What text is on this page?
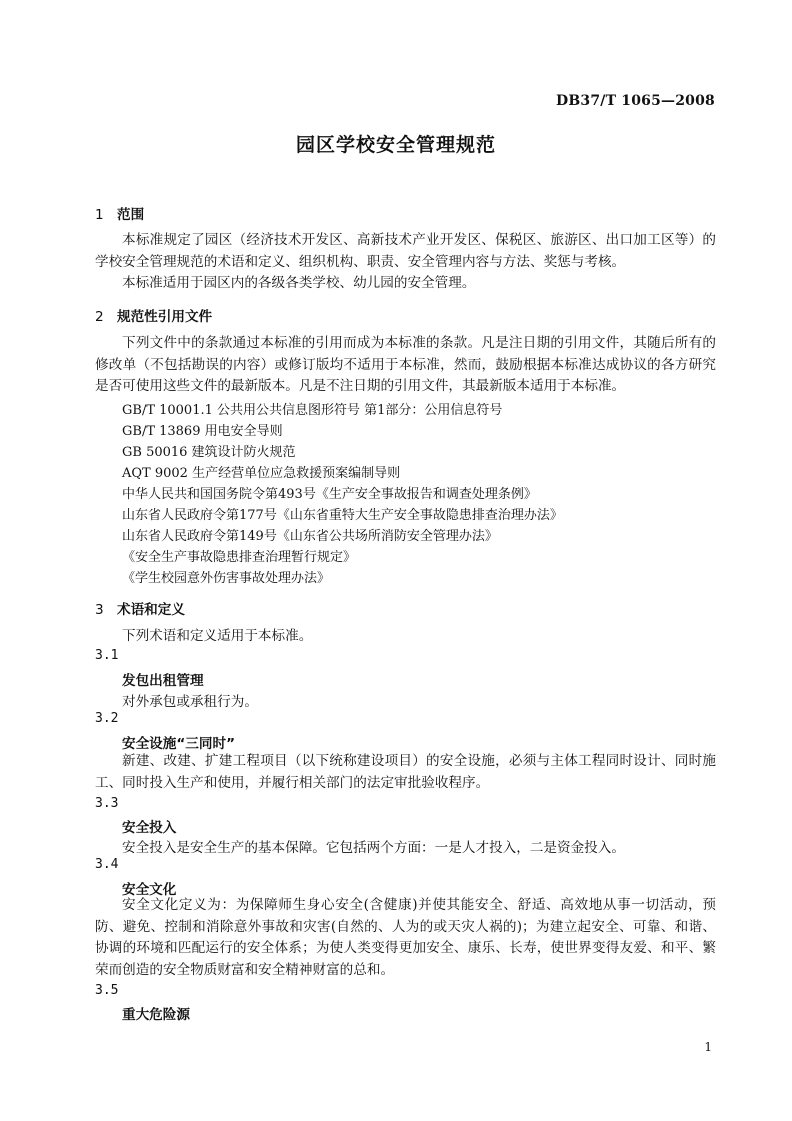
DB37/T 1065—2008
园区学校安全管理规范
1 范围
本标准规定了园区（经济技术开发区、高新技术产业开发区、保税区、旅游区、出口加工区等）的学校安全管理规范的术语和定义、组织机构、职责、安全管理内容与方法、奖惩与考核。
本标准适用于园区内的各级各类学校、幼儿园的安全管理。
2 规范性引用文件
下列文件中的条款通过本标准的引用而成为本标准的条款。凡是注日期的引用文件，其随后所有的修改单（不包括勘误的内容）或修订版均不适用于本标准，然而，鼓励根据本标准达成协议的各方研究是否可使用这些文件的最新版本。凡是不注日期的引用文件，其最新版本适用于本标准。
GB/T 10001.1 公共用公共信息图形符号 第1部分：公用信息符号
GB/T 13869 用电安全导则
GB 50016 建筑设计防火规范
AQT 9002 生产经营单位应急救援预案编制导则
中华人民共和国国务院令第493号《生产安全事故报告和调查处理条例》
山东省人民政府令第177号《山东省重特大生产安全事故隐患排查治理办法》
山东省人民政府令第149号《山东省公共场所消防安全管理办法》
《安全生产事故隐患排查治理暂行规定》
《学生校园意外伤害事故处理办法》
3 术语和定义
下列术语和定义适用于本标准。
3.1
发包出租管理
对外承包或承租行为。
3.2
安全设施“三同时”
新建、改建、扩建工程项目（以下统称建设项目）的安全设施，必须与主体工程同时设计、同时施工、同时投入生产和使用，并履行相关部门的法定审批验收程序。
3.3
安全投入
安全投入是安全生产的基本保障。它包括两个方面：一是人才投入，二是资金投入。
3.4
安全文化
安全文化定义为：为保障师生身心安全(含健康)并使其能安全、舒适、高效地从事一切活动，预防、避免、控制和消除意外事故和灾害(自然的、人为的或天灾人祸的)；为建立起安全、可靠、和谐、协调的环境和匹配运行的安全体系；为使人类变得更加安全、康乐、长寿，使世界变得友爱、和平、繁荣而创造的安全物质财富和安全精神财富的总和。
3.5
重大危险源
1
